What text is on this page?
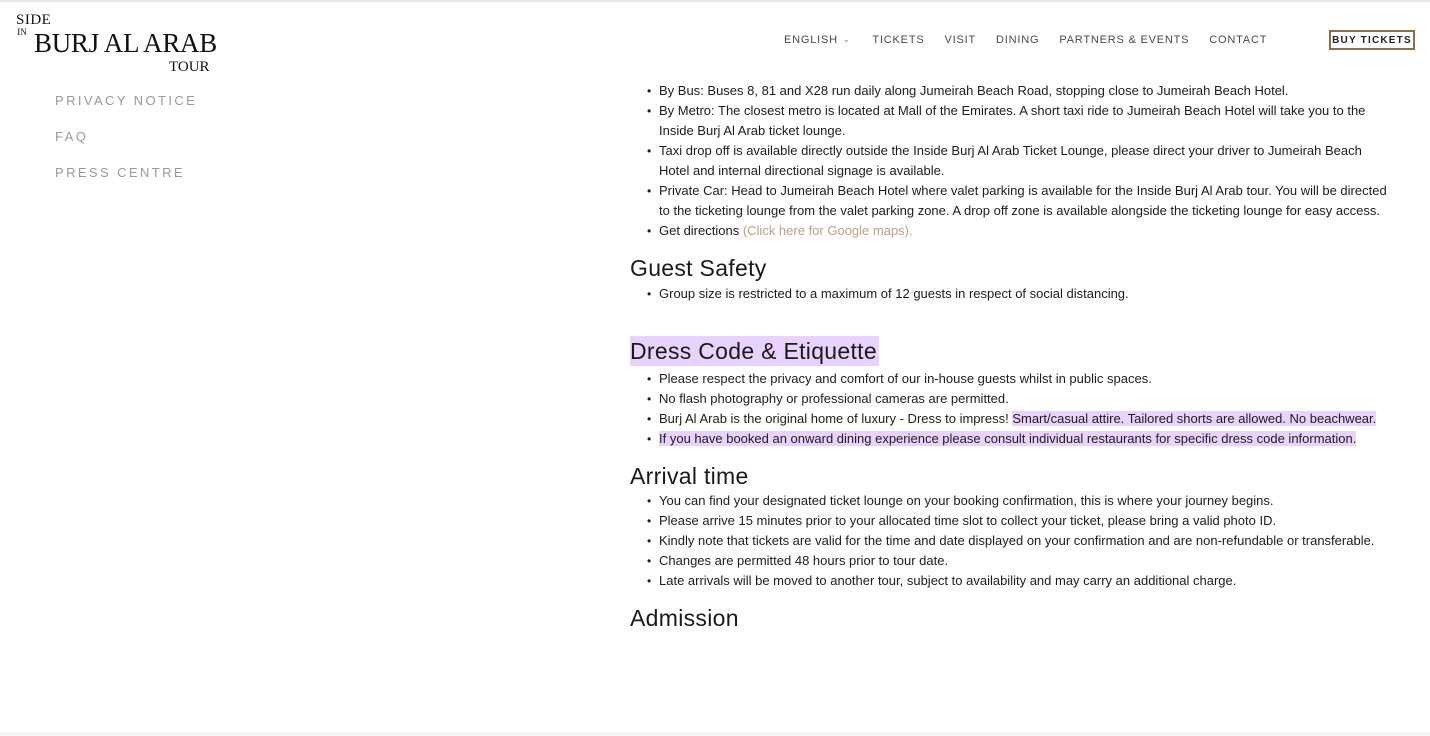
SIDE
IN BURJ AL ARAB
TOUR
ENGLISH ⌄ TICKETS VISIT DINING PARTNERS & EVENTS CONTACT	BUY TICKETS
PRIVACY NOTICE
FAQ
PRESS CENTRE
• By Bus: Buses 8, 81 and X28 run daily along Jumeirah Beach Road, stopping close to Jumeirah Beach Hotel.
• By Metro: The closest metro is located at Mall of the Emirates. A short taxi ride to Jumeirah Beach Hotel will take you to the Inside Burj Al Arab ticket lounge.
• Taxi drop off is available directly outside the Inside Burj Al Arab Ticket Lounge, please direct your driver to Jumeirah Beach Hotel and internal directional signage is available.
• Private Car: Head to Jumeirah Beach Hotel where valet parking is available for the Inside Burj Al Arab tour. You will be directed to the ticketing lounge from the valet parking zone. A drop off zone is available alongside the ticketing lounge for easy access.
• Get directions (Click here for Google maps).
Guest Safety
• Group size is restricted to a maximum of 12 guests in respect of social distancing.
Dress Code & Etiquette
• Please respect the privacy and comfort of our in-house guests whilst in public spaces.
• No flash photography or professional cameras are permitted.
• Burj Al Arab is the original home of luxury - Dress to impress! Smart/casual attire. Tailored shorts are allowed. No beachwear.
• If you have booked an onward dining experience please consult individual restaurants for specific dress code information.
Arrival time
• You can find your designated ticket lounge on your booking confirmation, this is where your journey begins.
• Please arrive 15 minutes prior to your allocated time slot to collect your ticket, please bring a valid photo ID.
• Kindly note that tickets are valid for the time and date displayed on your confirmation and are non-refundable or transferable.
• Changes are permitted 48 hours prior to tour date.
• Late arrivals will be moved to another tour, subject to availability and may carry an additional charge.
Admission
